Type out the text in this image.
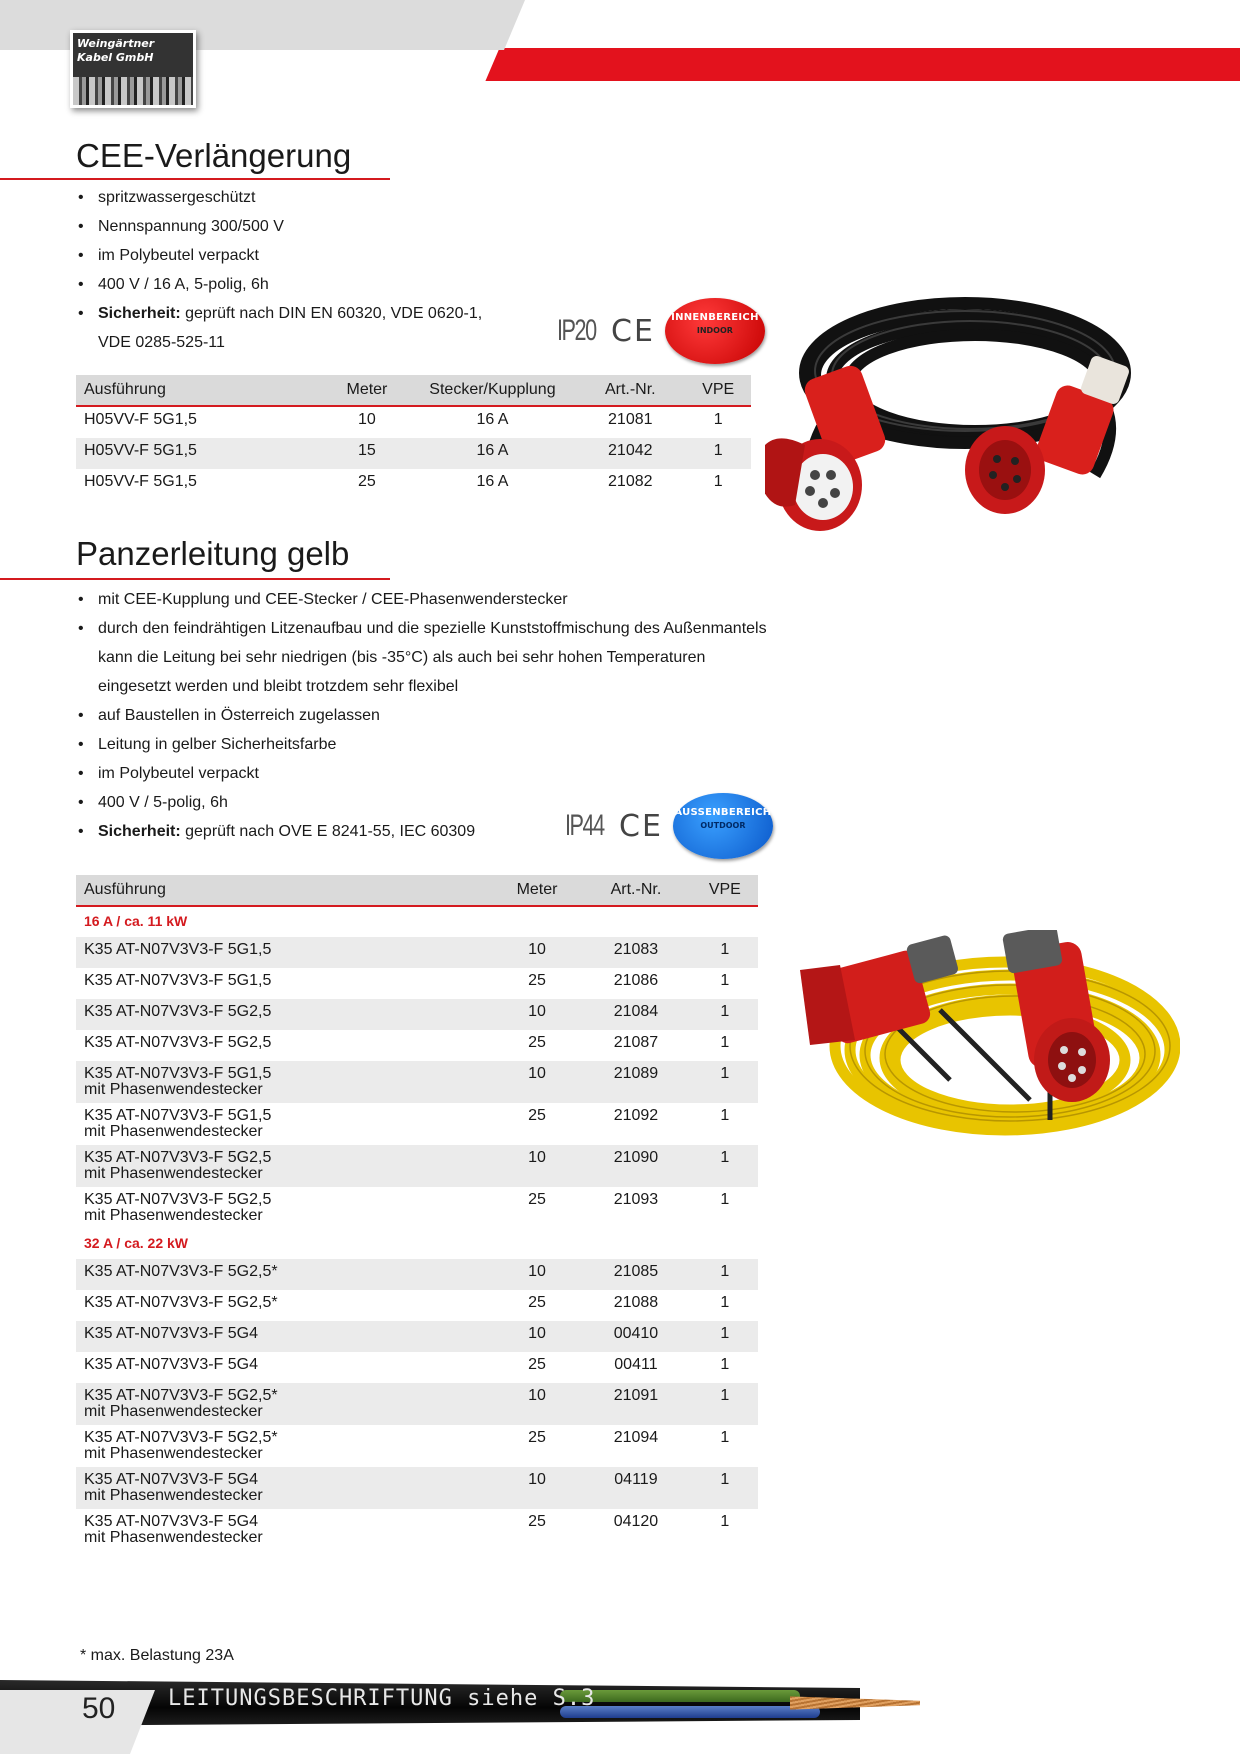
Weingärtner
Kabel GmbH
CEE-Verlängerung
• spritzwassergeschützt
• Nennspannung 300/500 V
• im Polybeutel verpackt
• 400 V / 16 A, 5-polig, 6h
• Sicherheit: geprüft nach DIN EN 60320, VDE 0620-1,
VDE 0285-525-11	IP20 CE	INNENBEREICH
INDOOR
Ausführung	Meter	Stecker/Kupplung	Art.-Nr.	VPE
H05VV-F 5G1,5	10	16 A	21081	1
H05VV-F 5G1,5	15	16 A	21042	1
H05VV-F 5G1,5	25	16 A	21082	1
Panzerleitung gelb
• mit CEE-Kupplung und CEE-Stecker / CEE-Phasenwenderstecker
• durch den feindrähtigen Litzenaufbau und die spezielle Kunststoffmischung des Außenmantels
kann die Leitung bei sehr niedrigen (bis -35°C) als auch bei sehr hohen Temperaturen
eingesetzt werden und bleibt trotzdem sehr flexibel
• auf Baustellen in Österreich zugelassen
• Leitung in gelber Sicherheitsfarbe
• im Polybeutel verpackt
• 400 V / 5-polig, 6h
• Sicherheit: geprüft nach OVE E 8241-55, IEC 60309	IP44 CE AUSSENBEREICH
OUTDOOR
Ausführung	Meter	Art.-Nr.	VPE
16 A / ca. 11 kW			

K35 AT-N07V3V3-F 5G1,5	10	21083	1

K35 AT-N07V3V3-F 5G1,5	25	21086	1

K35 AT-N07V3V3-F 5G2,5	10	21084	1

K35 AT-N07V3V3-F 5G2,5	25	21087	1

K35 AT-N07V3V3-F 5G1,5
mit Phasenwendestecker	10	21089	1

K35 AT-N07V3V3-F 5G1,5
mit Phasenwendestecker	25	21092	1

K35 AT-N07V3V3-F 5G2,5
mit Phasenwendestecker	10	21090	1

K35 AT-N07V3V3-F 5G2,5
mit Phasenwendestecker	25	21093	1
32 A / ca. 22 kW			

K35 AT-N07V3V3-F 5G2,5*	10	21085	1

K35 AT-N07V3V3-F 5G2,5*	25	21088	1

K35 AT-N07V3V3-F 5G4	10	00410	1

K35 AT-N07V3V3-F 5G4	25	00411	1

K35 AT-N07V3V3-F 5G2,5*
mit Phasenwendestecker	10	21091	1

K35 AT-N07V3V3-F 5G2,5*
mit Phasenwendestecker	25	21094	1

K35 AT-N07V3V3-F 5G4
mit Phasenwendestecker	10	04119	1

K35 AT-N07V3V3-F 5G4
mit Phasenwendestecker	25	04120	1
* max. Belastung 23A
LEITUNGSBESCHRIFTUNG siehe S.3
50
